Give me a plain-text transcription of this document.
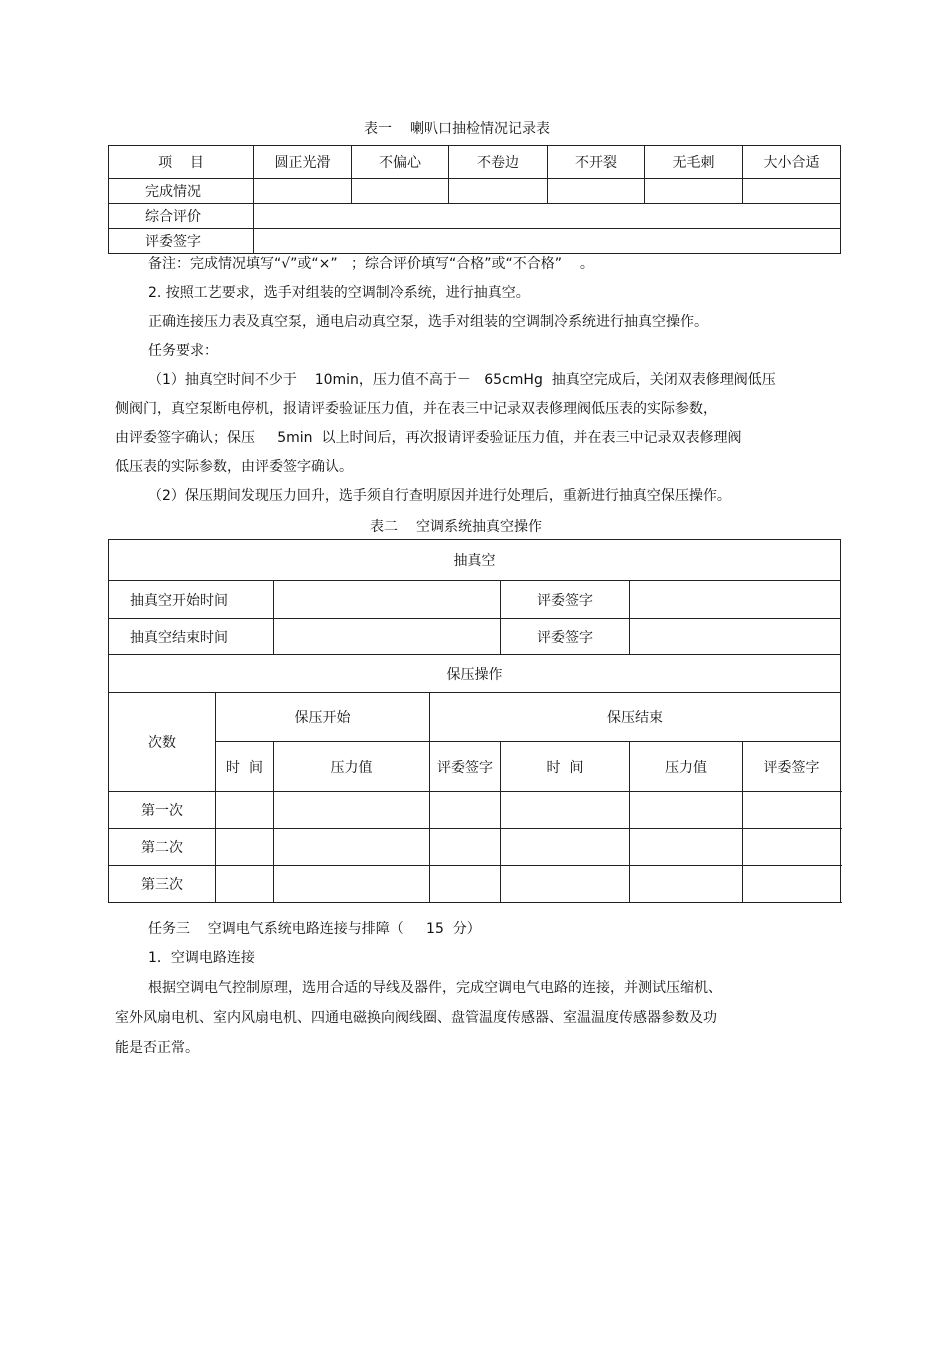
表一 喇叭口抽检情况记录表
项    目	圆正光滑	不偏心	不卷边	不开裂	无毛刺	大小合适
完成情况						
综合评价						
评委签字						
备注：完成情况填写“√”或“×”   ；综合评价填写“合格”或“不合格”    。
2. 按照工艺要求，选手对组装的空调制冷系统，进行抽真空。
正确连接压力表及真空泵，通电启动真空泵，选手对组装的空调制冷系统进行抽真空操作。
任务要求：
（1）抽真空时间不少于    10min，压力值不高于－   65cmHg  抽真空完成后，关闭双表修理阀低压
侧阀门，真空泵断电停机，报请评委验证压力值，并在表三中记录双表修理阀低压表的实际参数，
由评委签字确认；保压     5min  以上时间后，再次报请评委验证压力值，并在表三中记录双表修理阀
低压表的实际参数，由评委签字确认。
（2）保压期间发现压力回升，选手须自行查明原因并进行处理后，重新进行抽真空保压操作。
表二 空调系统抽真空操作
抽真空						
抽真空开始时间				评委签字		
抽真空结束时间				评委签字		
保压操作						
次数	保压开始		保压结束			
	时  间	压力值	评委签字	时  间	压力值	评委签字
第一次						
第二次						
第三次						
任务三    空调电气系统电路连接与排障（     15  分）
1．空调电路连接
根据空调电气控制原理，选用合适的导线及器件，完成空调电气电路的连接，并测试压缩机、
室外风扇电机、室内风扇电机、四通电磁换向阀线圈、盘管温度传感器、室温温度传感器参数及功
能是否正常。
